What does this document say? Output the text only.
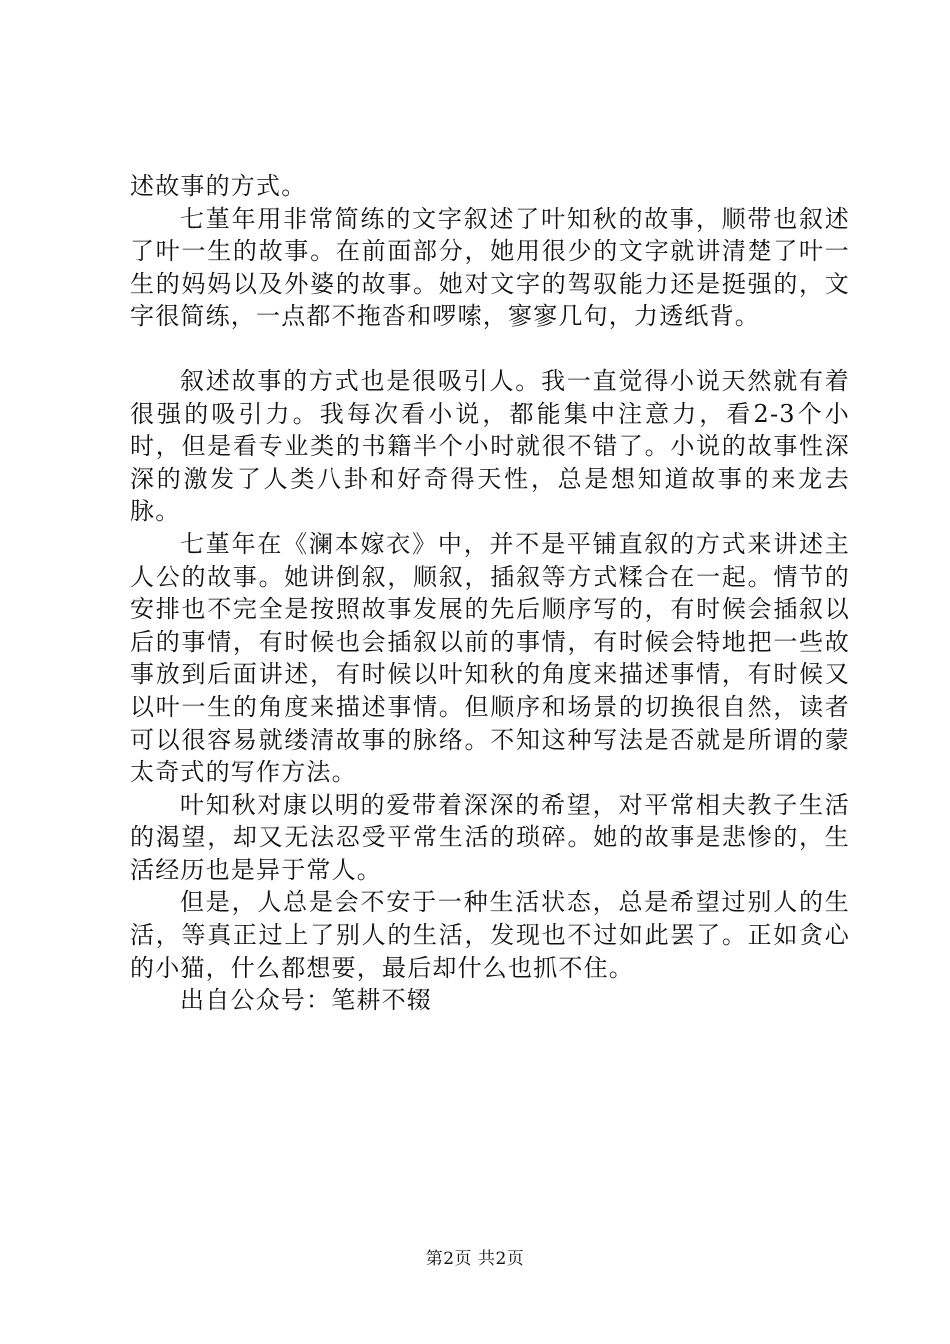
述故事的方式。

七堇年用非常简练的文字叙述了叶知秋的故事，顺带也叙述了叶一生的故事。在前面部分，她用很少的文字就讲清楚了叶一生的妈妈以及外婆的故事。她对文字的驾驭能力还是挺强的，文字很简练，一点都不拖沓和啰嗦，寥寥几句，力透纸背。

叙述故事的方式也是很吸引人。我一直觉得小说天然就有着很强的吸引力。我每次看小说，都能集中注意力，看2-3个小时，但是看专业类的书籍半个小时就很不错了。小说的故事性深深的激发了人类八卦和好奇得天性，总是想知道故事的来龙去脉。

七堇年在《澜本嫁衣》中，并不是平铺直叙的方式来讲述主人公的故事。她讲倒叙，顺叙，插叙等方式糅合在一起。情节的安排也不完全是按照故事发展的先后顺序写的，有时候会插叙以后的事情，有时候也会插叙以前的事情，有时候会特地把一些故事放到后面讲述，有时候以叶知秋的角度来描述事情，有时候又以叶一生的角度来描述事情。但顺序和场景的切换很自然，读者可以很容易就缕清故事的脉络。不知这种写法是否就是所谓的蒙太奇式的写作方法。

叶知秋对康以明的爱带着深深的希望，对平常相夫教子生活的渴望，却又无法忍受平常生活的琐碎。她的故事是悲惨的，生活经历也是异于常人。

但是，人总是会不安于一种生活状态，总是希望过别人的生活，等真正过上了别人的生活，发现也不过如此罢了。正如贪心的小猫，什么都想要，最后却什么也抓不住。

出自公众号：笔耕不辍

第2页 共2页
